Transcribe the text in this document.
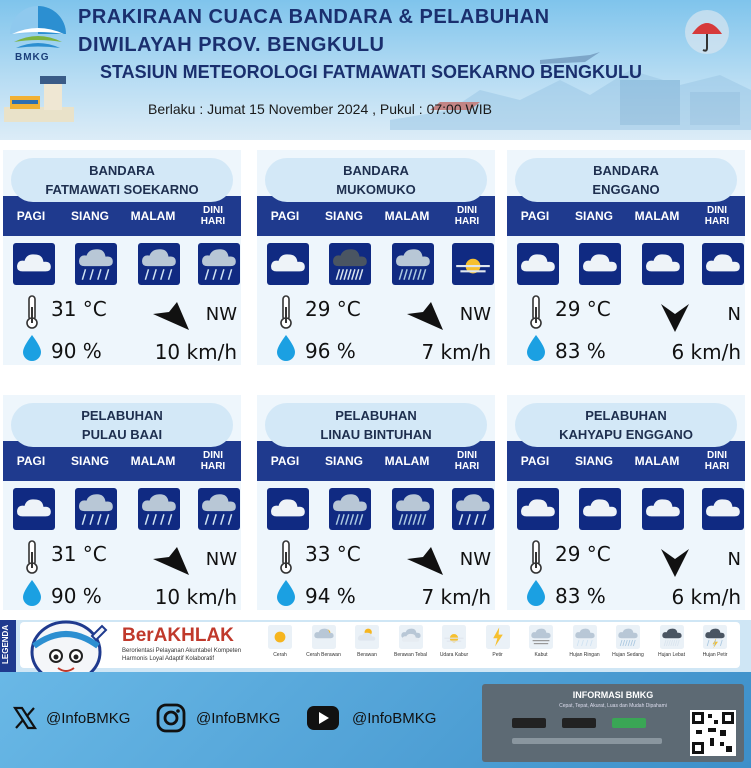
BMKG
PRAKIRAAN CUACA BANDARA & PELABUHAN
DIWILAYAH PROV. BENGKULU
STASIUN METEOROLOGI FATMAWATI SOEKARNO BENGKULU
Berlaku : Jumat 15 November 2024 , Pukul : 07:00 WIB
PAGI	SIANG	MALAM	DINI
HARI
BANDARA
FATMAWATI SOEKARNO
31 °C
90 %
NW
10 km/h
PAGI	SIANG	MALAM	DINI
HARI
BANDARA
MUKOMUKO
29 °C
96 %
NW
7 km/h
PAGI	SIANG	MALAM	DINI
HARI
BANDARA
ENGGANO
29 °C
83 %
N
6 km/h
PAGI	SIANG	MALAM	DINI
HARI
PELABUHAN
PULAU BAAI
31 °C
90 %
NW
10 km/h
PAGI	SIANG	MALAM	DINI
HARI
PELABUHAN
LINAU BINTUHAN
33 °C
94 %
NW
7 km/h
PAGI	SIANG	MALAM	DINI
HARI
PELABUHAN
KAHYAPU ENGGANO
29 °C
83 %
N
6 km/h
LEGENDA	BerAKHLAK
Berorientasi Pelayanan Akuntabel Kompeten Harmonis Loyal Adaptif Kolaboratif
Cerah	Cerah Berawan	Berawan	Berawan Tebal	Udara Kabur	Petir	Kabut	Hujan Ringan	Hujan Sedang	Hujan Lebat	Hujan Petir
@InfoBMKG	@InfoBMKG	@InfoBMKG
INFORMASI BMKG
Cepat, Tepat, Akurat, Luas dan Mudah Dipahami
